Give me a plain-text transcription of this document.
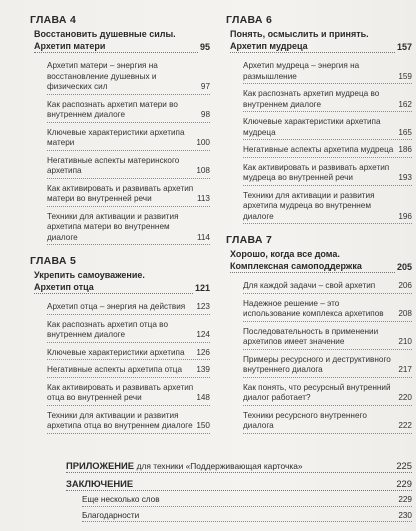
ГЛАВА 4
Восстановить душевные силы.
Архетип матери	95
Архетип матери – энергия на восстановление душевных и физических сил	97
Как распознать архетип матери во внутреннем диалоге	98
Ключевые характеристики архетипа матери	100
Негативные аспекты материнского архетипа	108
Как активировать и развивать архетип матери во внутренней речи	113
Техники для активации и развития архетипа матери во внутреннем диалоге	114
ГЛАВА 5
Укрепить самоуважение.
Архетип отца	121
Архетип отца – энергия на действия	123
Как распознать архетип отца во внутреннем диалоге	124
Ключевые характеристики архетипа	126
Негативные аспекты архетипа отца	139
Как активировать и развивать архетип отца во внутренней речи	148
Техники для активации и развития архетипа отца во внутреннем диалоге 150
ГЛАВА 6
Понять, осмыслить и принять.
Архетип мудреца	157
Архетип мудреца – энергия на размышление	159
Как распознать архетип мудреца во внутреннем диалоге	162
Ключевые характеристики архетипа мудреца	165
Негативные аспекты архетипа мудреца 186
Как активировать и развивать архетип мудреца во внутренней речи	193
Техники для активации и развития архетипа мудреца во внутреннем диалоге	196
ГЛАВА 7
Хорошо, когда все дома.
Комплексная самоподдержка	205
Для каждой задачи – свой архетип	206
Надежное решение – это использование комплекса архетипов	208
Последовательность в применении архетипов имеет значение	210
Примеры ресурсного и деструктивного внутреннего диалога	217
Как понять, что ресурсный внутренний диалог работает?	220
Техники ресурсного внутреннего диалога	222
ПРИЛОЖЕНИЕ для техники «Поддерживающая карточка»	225
ЗАКЛЮЧЕНИЕ	229
Еще несколько слов	229
Благодарности	230
